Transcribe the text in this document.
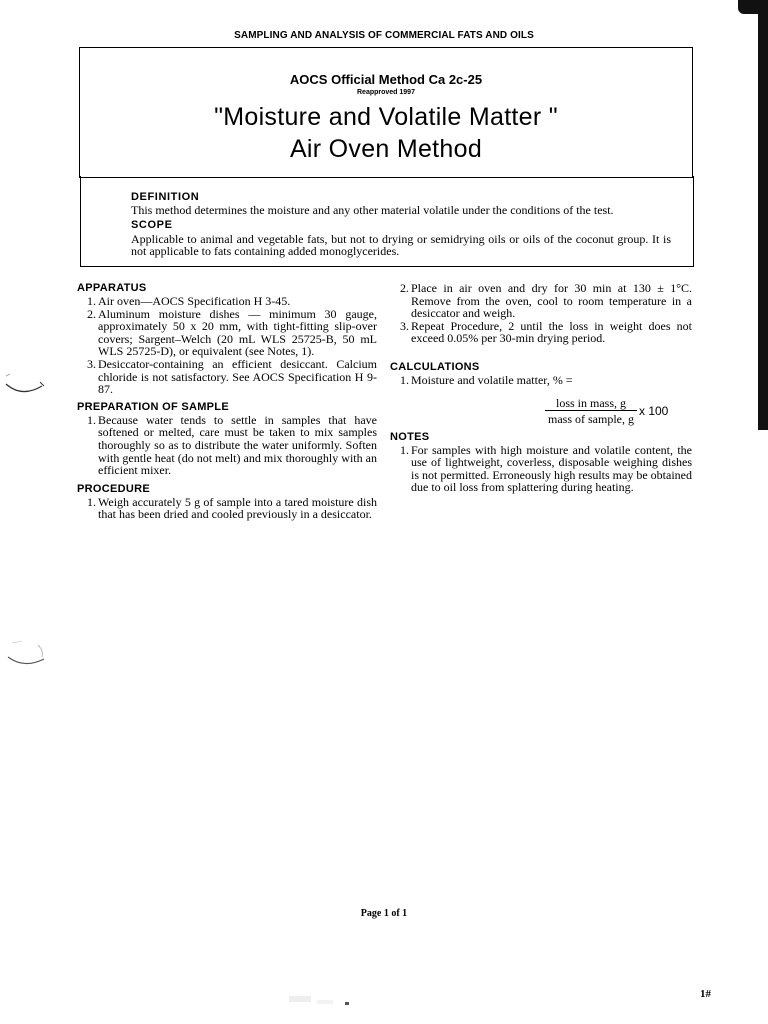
SAMPLING AND ANALYSIS OF COMMERCIAL FATS AND OILS
AOCS Official Method Ca 2c-25
Reapproved 1997
"Moisture and Volatile Matter "
Air Oven Method
DEFINITION
This method determines the moisture and any other material volatile under the conditions of the test.
SCOPE
Applicable to animal and vegetable fats, but not to drying or semidrying oils or oils of the coconut group. It is not applicable to fats containing added monoglycerides.
APPARATUS
1. Air oven—AOCS Specification H 3-45.
2. Aluminum moisture dishes — minimum 30 gauge, approximately 50 x 20 mm, with tight-fitting slip-over covers; Sargent–Welch (20 mL WLS 25725-B, 50 mL WLS 25725-D), or equivalent (see Notes, 1).
3. Desiccator-containing an efficient desiccant. Calcium chloride is not satisfactory. See AOCS Specification H 9-87.
PREPARATION OF SAMPLE
1. Because water tends to settle in samples that have softened or melted, care must be taken to mix samples thoroughly so as to distribute the water uniformly. Soften with gentle heat (do not melt) and mix thoroughly with an efficient mixer.
PROCEDURE
1. Weigh accurately 5 g of sample into a tared moisture dish that has been dried and cooled previously in a desiccator.
2. Place in air oven and dry for 30 min at 130 ± 1°C. Remove from the oven, cool to room temperature in a desiccator and weigh.
3. Repeat Procedure, 2 until the loss in weight does not exceed 0.05% per 30-min drying period.
CALCULATIONS
1. Moisture and volatile matter, % =
NOTES
1. For samples with high moisture and volatile content, the use of lightweight, coverless, disposable weighing dishes is not permitted. Erroneously high results may be obtained due to oil loss from splattering during heating.
loss in mass, g
mass of sample, g
x 100
Page 1 of 1
1#
